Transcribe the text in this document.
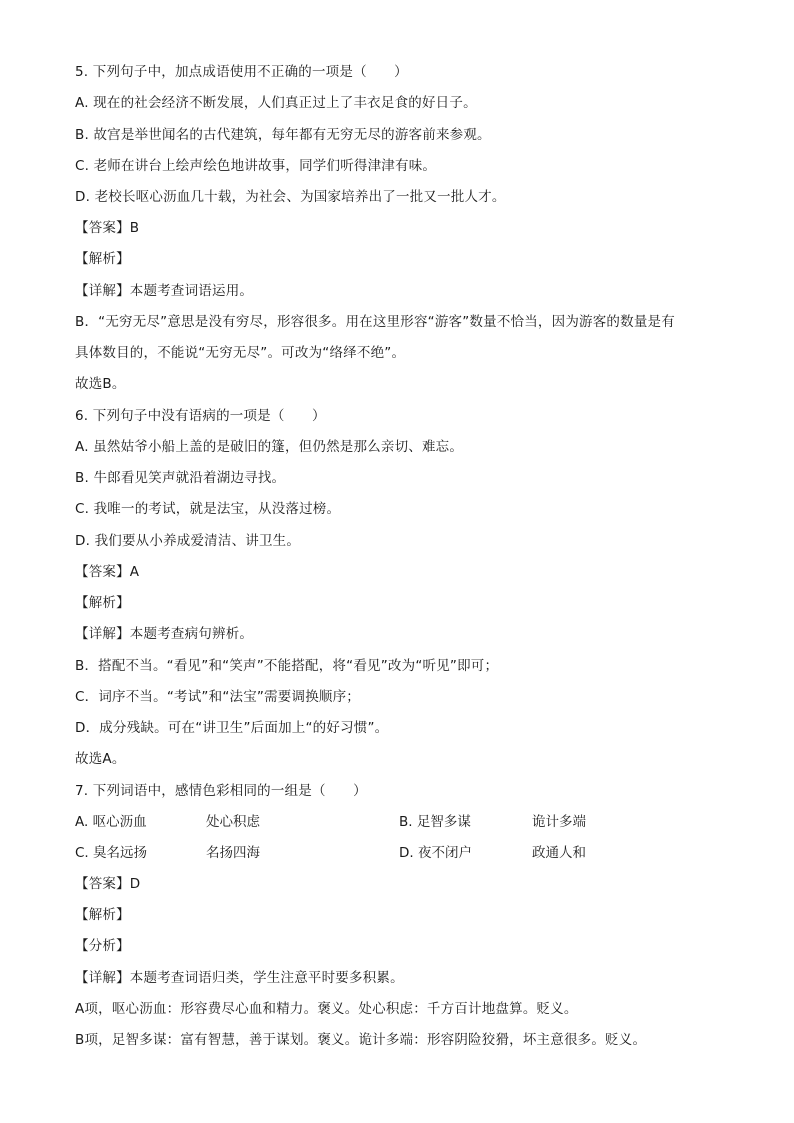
5. 下列句子中，加点成语使用不正确的一项是（　　）
A. 现在的社会经济不断发展，人们真正过上了丰衣足食的好日子。
B. 故宫是举世闻名的古代建筑，每年都有无穷无尽的游客前来参观。
C. 老师在讲台上绘声绘色地讲故事，同学们听得津津有味。
D. 老校长呕心沥血几十载，为社会、为国家培养出了一批又一批人才。
【答案】B
【解析】
【详解】本题考查词语运用。
B．“无穷无尽”意思是没有穷尽，形容很多。用在这里形容“游客”数量不恰当，因为游客的数量是有
具体数目的，不能说“无穷无尽”。可改为“络绎不绝”。
故选B。
6. 下列句子中没有语病的一项是（　　）
A. 虽然姑爷小船上盖的是破旧的篷，但仍然是那么亲切、难忘。
B. 牛郎看见笑声就沿着湖边寻找。
C. 我唯一的考试，就是法宝，从没落过榜。
D. 我们要从小养成爱清洁、讲卫生。
【答案】A
【解析】
【详解】本题考查病句辨析。
B．搭配不当。“看见”和“笑声”不能搭配，将“看见”改为“听见”即可；
C．词序不当。“考试”和“法宝”需要调换顺序；
D．成分残缺。可在“讲卫生”后面加上“的好习惯”。
故选A。
7. 下列词语中，感情色彩相同的一组是（　　）
A. 呕心沥血	处心积虑	B. 足智多谋	诡计多端
C. 臭名远扬	名扬四海	D. 夜不闭户	政通人和
【答案】D
【解析】
【分析】
【详解】本题考查词语归类，学生注意平时要多积累。
A项，呕心沥血：形容费尽心血和精力。褒义。处心积虑：千方百计地盘算。贬义。
B项，足智多谋：富有智慧，善于谋划。褒义。诡计多端：形容阴险狡猾，坏主意很多。贬义。
